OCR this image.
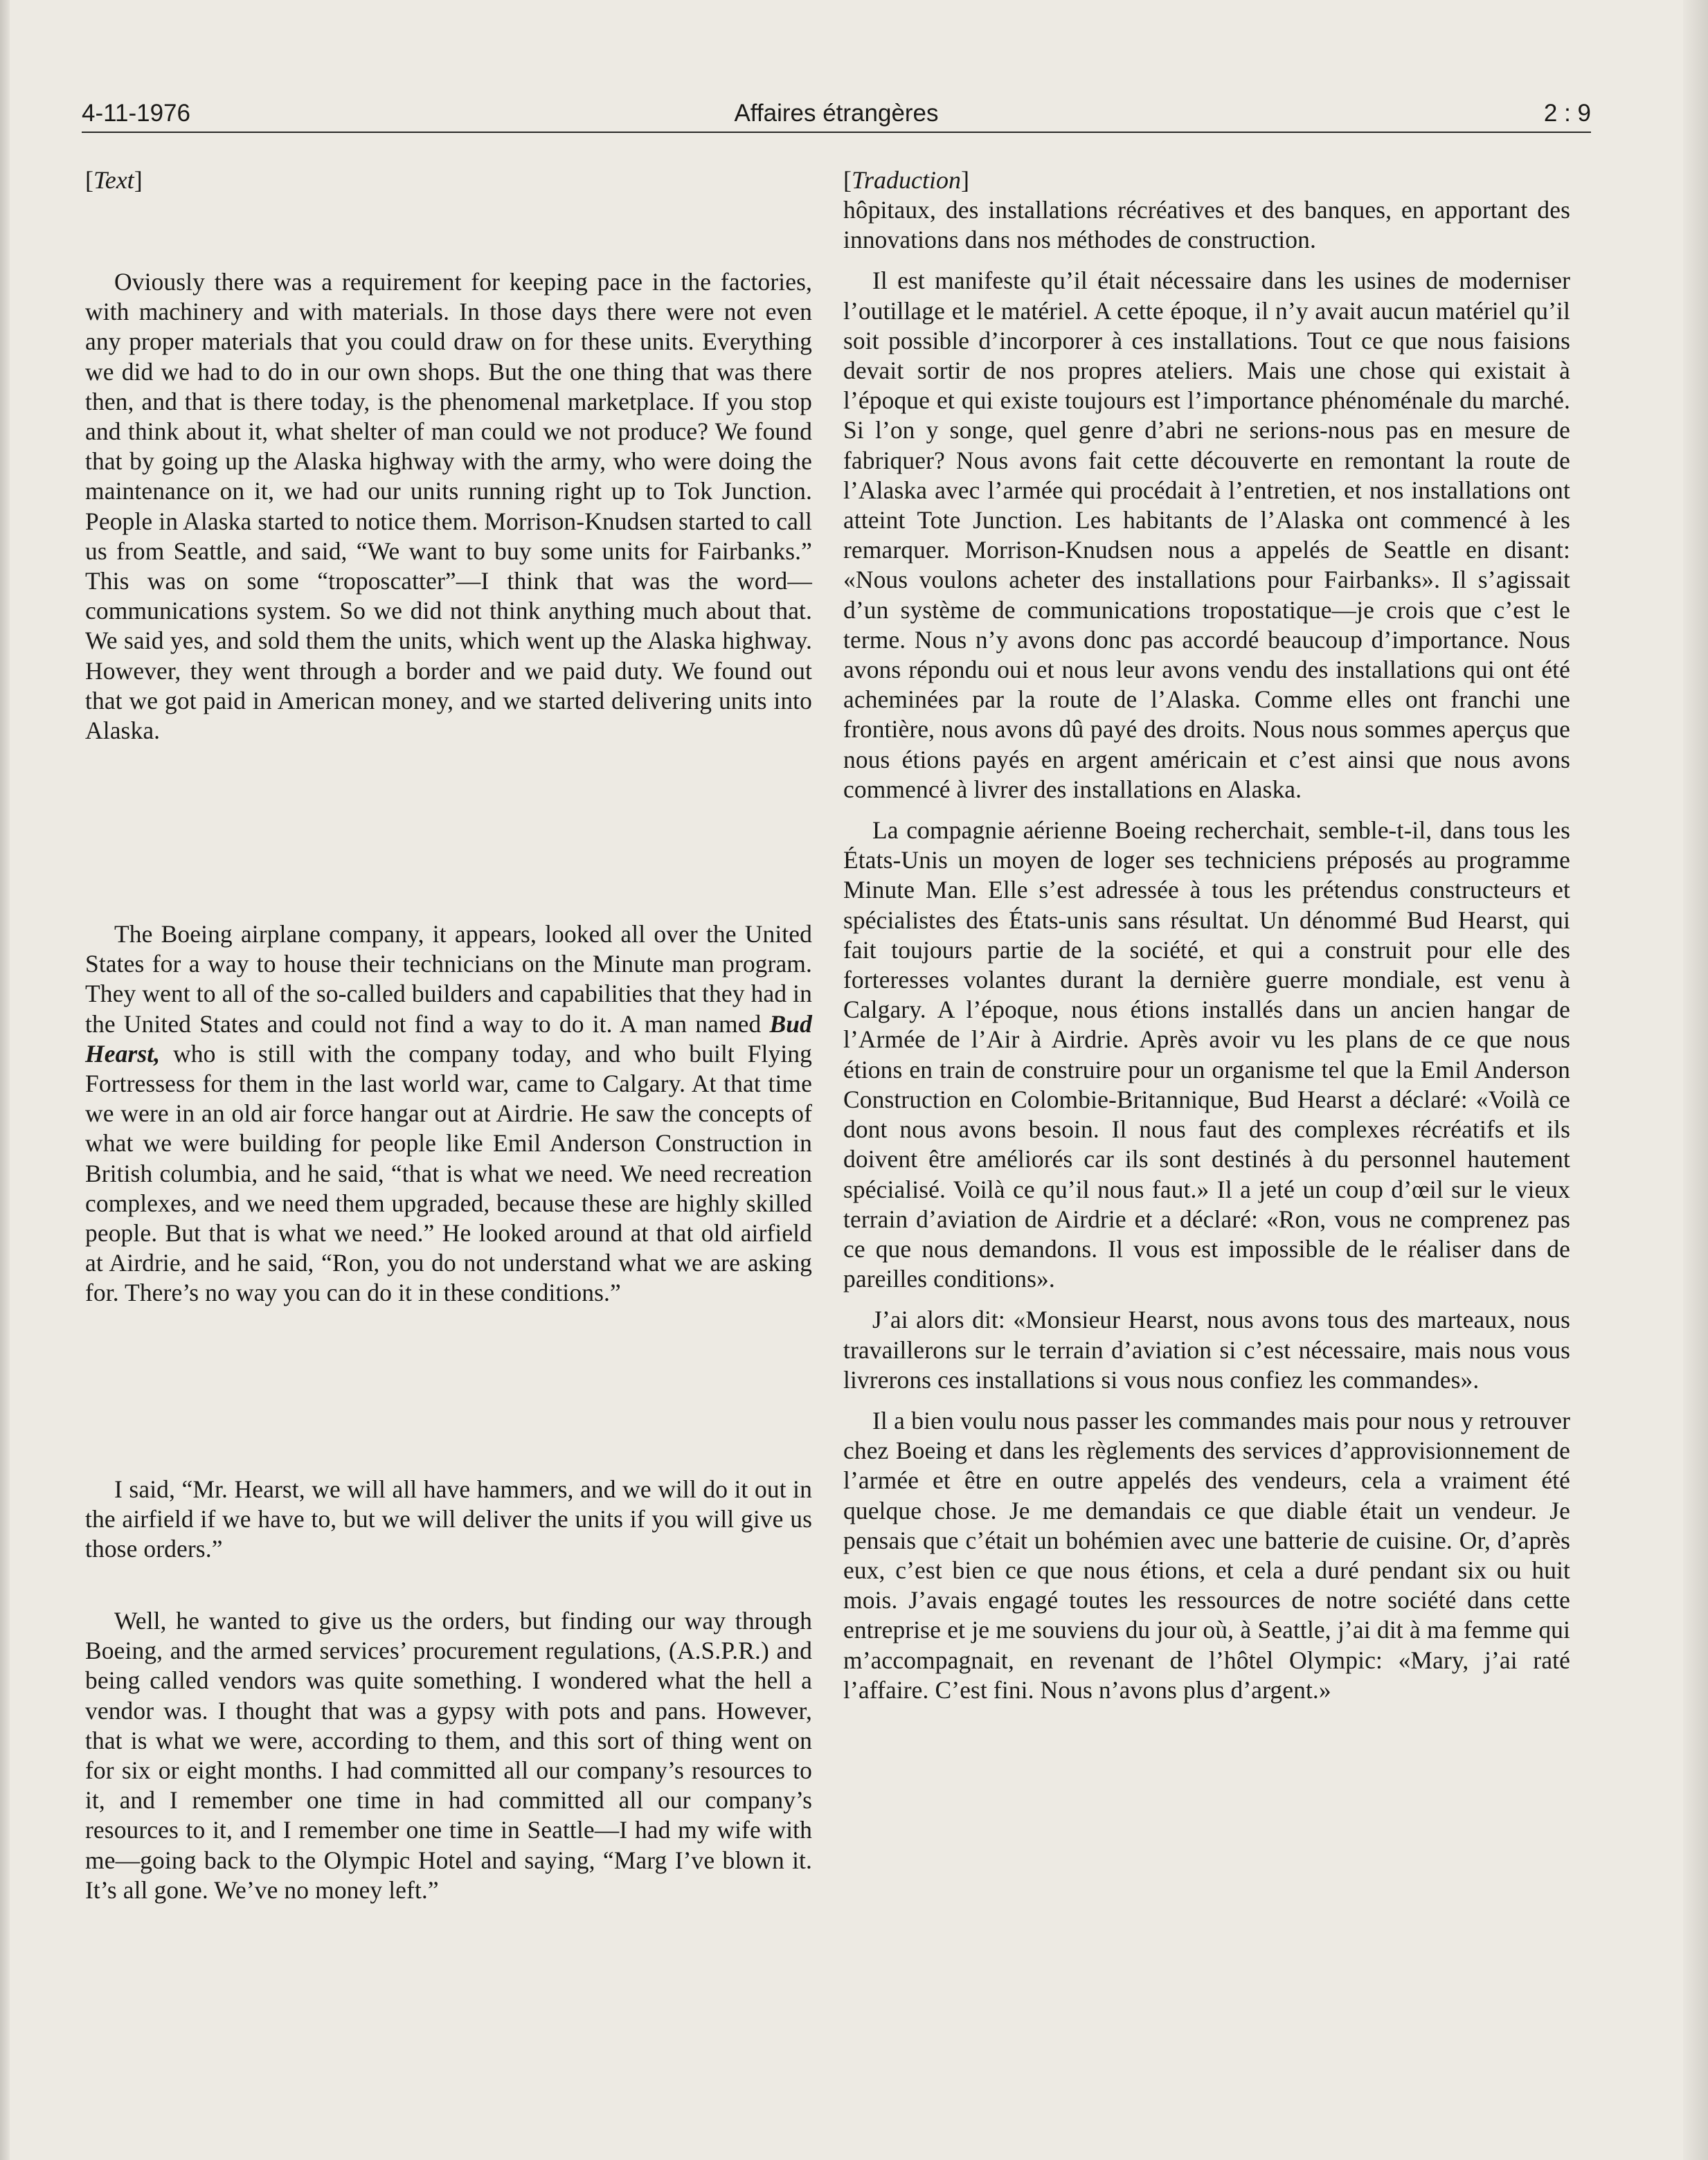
4-11-1976	Affaires étrangères	2 : 9
[Text]

Oviously there was a requirement for keeping pace in the factories, with machinery and with materials. In those days there were not even any proper materials that you could draw on for these units. Everything we did we had to do in our own shops. But the one thing that was there then, and that is there today, is the phenomenal marketplace. If you stop and think about it, what shelter of man could we not produce? We found that by going up the Alaska highway with the army, who were doing the maintenance on it, we had our units running right up to Tok Junction. People in Alaska started to notice them. Morrison-Knudsen started to call us from Seattle, and said, “We want to buy some units for Fairbanks.” This was on some “troposcatter”—I think that was the word— communications system. So we did not think anything much about that. We said yes, and sold them the units, which went up the Alaska highway. However, they went through a border and we paid duty. We found out that we got paid in American money, and we started delivering units into Alaska.

The Boeing airplane company, it appears, looked all over the United States for a way to house their technicians on the Minute man program. They went to all of the so-called builders and capabilities that they had in the United States and could not find a way to do it. A man named Bud Hearst, who is still with the company today, and who built Flying Fortressess for them in the last world war, came to Calgary. At that time we were in an old air force hangar out at Airdrie. He saw the concepts of what we were building for people like Emil Anderson Construction in British columbia, and he said, “that is what we need. We need recreation complexes, and we need them upgraded, because these are highly skilled people. But that is what we need.” He looked around at that old airfield at Airdrie, and he said, “Ron, you do not understand what we are asking for. There’s no way you can do it in these conditions.”

I said, “Mr. Hearst, we will all have hammers, and we will do it out in the airfield if we have to, but we will deliver the units if you will give us those orders.”

Well, he wanted to give us the orders, but finding our way through Boeing, and the armed services’ procurement regulations, (A.S.P.R.) and being called vendors was quite something. I wondered what the hell a vendor was. I thought that was a gypsy with pots and pans. However, that is what we were, according to them, and this sort of thing went on for six or eight months. I had committed all our company’s resources to it, and I remember one time in had committed all our company’s resources to it, and I remember one time in Seattle—I had my wife with me—going back to the Olympic Hotel and saying, “Marg I’ve blown it. It’s all gone. We’ve no money left.”

[Traduction]

hôpitaux, des installations récréatives et des banques, en apportant des innovations dans nos méthodes de construction.

Il est manifeste qu’il était nécessaire dans les usines de moderniser l’outillage et le matériel. A cette époque, il n’y avait aucun matériel qu’il soit possible d’incorporer à ces installations. Tout ce que nous faisions devait sortir de nos propres ateliers. Mais une chose qui existait à l’époque et qui existe toujours est l’importance phénoménale du marché. Si l’on y songe, quel genre d’abri ne serions-nous pas en mesure de fabriquer? Nous avons fait cette découverte en remontant la route de l’Alaska avec l’armée qui procédait à l’entretien, et nos installations ont atteint Tote Junction. Les habitants de l’Alaska ont commencé à les remarquer. Morrison-Knudsen nous a appelés de Seattle en disant: «Nous voulons acheter des installations pour Fairbanks». Il s’agissait d’un système de communications tropostatique—je crois que c’est le terme. Nous n’y avons donc pas accordé beaucoup d’importance. Nous avons répondu oui et nous leur avons vendu des installations qui ont été acheminées par la route de l’Alaska. Comme elles ont franchi une frontière, nous avons dû payé des droits. Nous nous sommes aperçus que nous étions payés en argent américain et c’est ainsi que nous avons commencé à livrer des installations en Alaska.

La compagnie aérienne Boeing recherchait, semble-t-il, dans tous les États-Unis un moyen de loger ses techniciens préposés au programme Minute Man. Elle s’est adressée à tous les prétendus constructeurs et spécialistes des États-unis sans résultat. Un dénommé Bud Hearst, qui fait toujours partie de la société, et qui a construit pour elle des forteresses volantes durant la dernière guerre mondiale, est venu à Calgary. A l’époque, nous étions installés dans un ancien hangar de l’Armée de l’Air à Airdrie. Après avoir vu les plans de ce que nous étions en train de construire pour un organisme tel que la Emil Anderson Construction en Colombie-Britannique, Bud Hearst a déclaré: «Voilà ce dont nous avons besoin. Il nous faut des complexes récréatifs et ils doivent être améliorés car ils sont destinés à du personnel hautement spécialisé. Voilà ce qu’il nous faut.» Il a jeté un coup d’œil sur le vieux terrain d’aviation de Airdrie et a déclaré: «Ron, vous ne comprenez pas ce que nous demandons. Il vous est impossible de le réaliser dans de pareilles conditions».

J’ai alors dit: «Monsieur Hearst, nous avons tous des marteaux, nous travaillerons sur le terrain d’aviation si c’est nécessaire, mais nous vous livrerons ces installations si vous nous confiez les commandes».

Il a bien voulu nous passer les commandes mais pour nous y retrouver chez Boeing et dans les règlements des services d’approvisionnement de l’armée et être en outre appelés des vendeurs, cela a vraiment été quelque chose. Je me demandais ce que diable était un vendeur. Je pensais que c’était un bohémien avec une batterie de cuisine. Or, d’après eux, c’est bien ce que nous étions, et cela a duré pendant six ou huit mois. J’avais engagé toutes les ressources de notre société dans cette entreprise et je me souviens du jour où, à Seattle, j’ai dit à ma femme qui m’accompagnait, en revenant de l’hôtel Olympic: «Mary, j’ai raté l’affaire. C’est fini. Nous n’avons plus d’argent.»
